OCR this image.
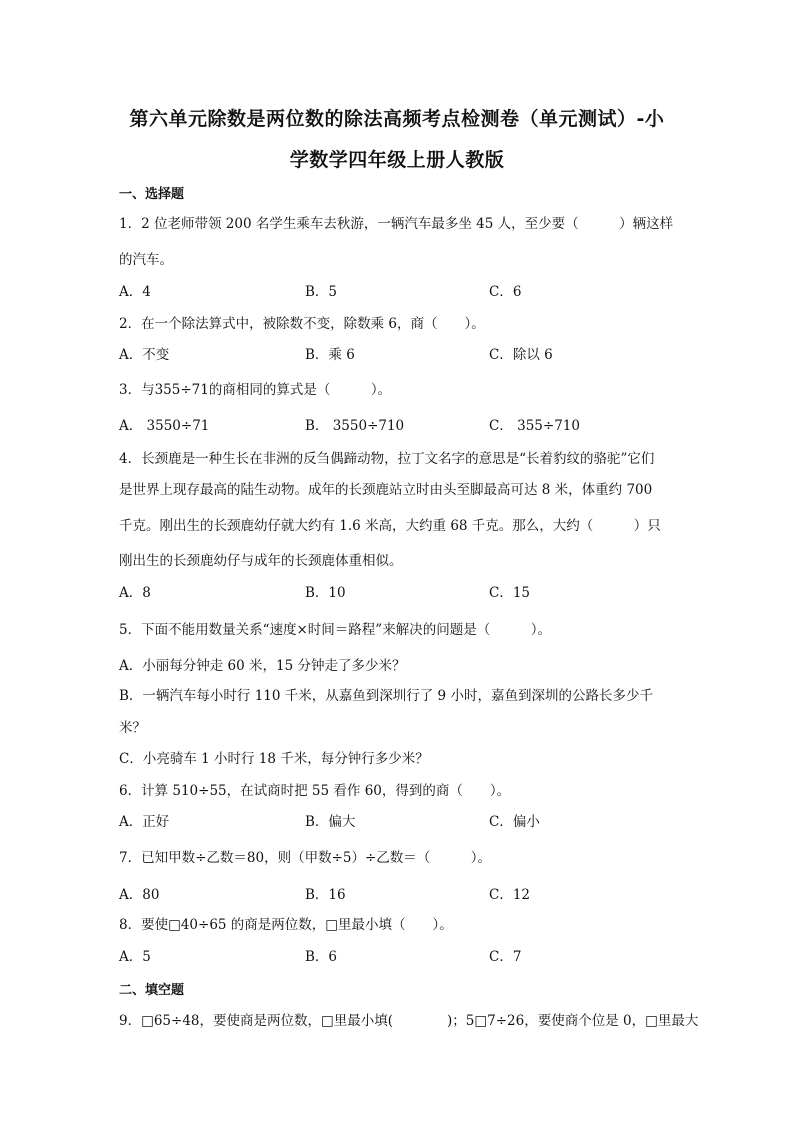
第六单元除数是两位数的除法高频考点检测卷（单元测试）-小
学数学四年级上册人教版
一、选择题
1．2 位老师带领 200 名学生乘车去秋游，一辆汽车最多坐 45 人，至少要（　　　）辆这样
的汽车。
A．4	B．5	C．6
2．在一个除法算式中，被除数不变，除数乘 6，商（　　）。
A．不变	B．乘 6	C．除以 6
3．与355÷71的商相同的算式是（　　　）。
A． 3550÷71	B． 3550÷710	C． 355÷710
4．长颈鹿是一种生长在非洲的反刍偶蹄动物，拉丁文名字的意思是“长着豹纹的骆驼”它们
是世界上现存最高的陆生动物。成年的长颈鹿站立时由头至脚最高可达 8 米，体重约 700
千克。刚出生的长颈鹿幼仔就大约有 1.6 米高，大约重 68 千克。那么，大约（　　　）只
刚出生的长颈鹿幼仔与成年的长颈鹿体重相似。
A．8	B．10	C．15
5．下面不能用数量关系“速度×时间＝路程”来解决的问题是（　　　）。
A．小丽每分钟走 60 米，15 分钟走了多少米？
B．一辆汽车每小时行 110 千米，从嘉鱼到深圳行了 9 小时，嘉鱼到深圳的公路长多少千
米？
C．小亮骑车 1 小时行 18 千米，每分钟行多少米？
6．计算 510÷55，在试商时把 55 看作 60，得到的商（　　）。
A．正好	B．偏大	C．偏小
7．已知甲数÷乙数＝80，则（甲数÷5）÷乙数＝（　　　）。
A．80	B．16	C．12
8．要使□40÷65 的商是两位数，□里最小填（　　）。
A．5	B．6	C．7
二、填空题
9．□65÷48，要使商是两位数，□里最小填(　　　　)；5□7÷26，要使商个位是 0，□里最大
